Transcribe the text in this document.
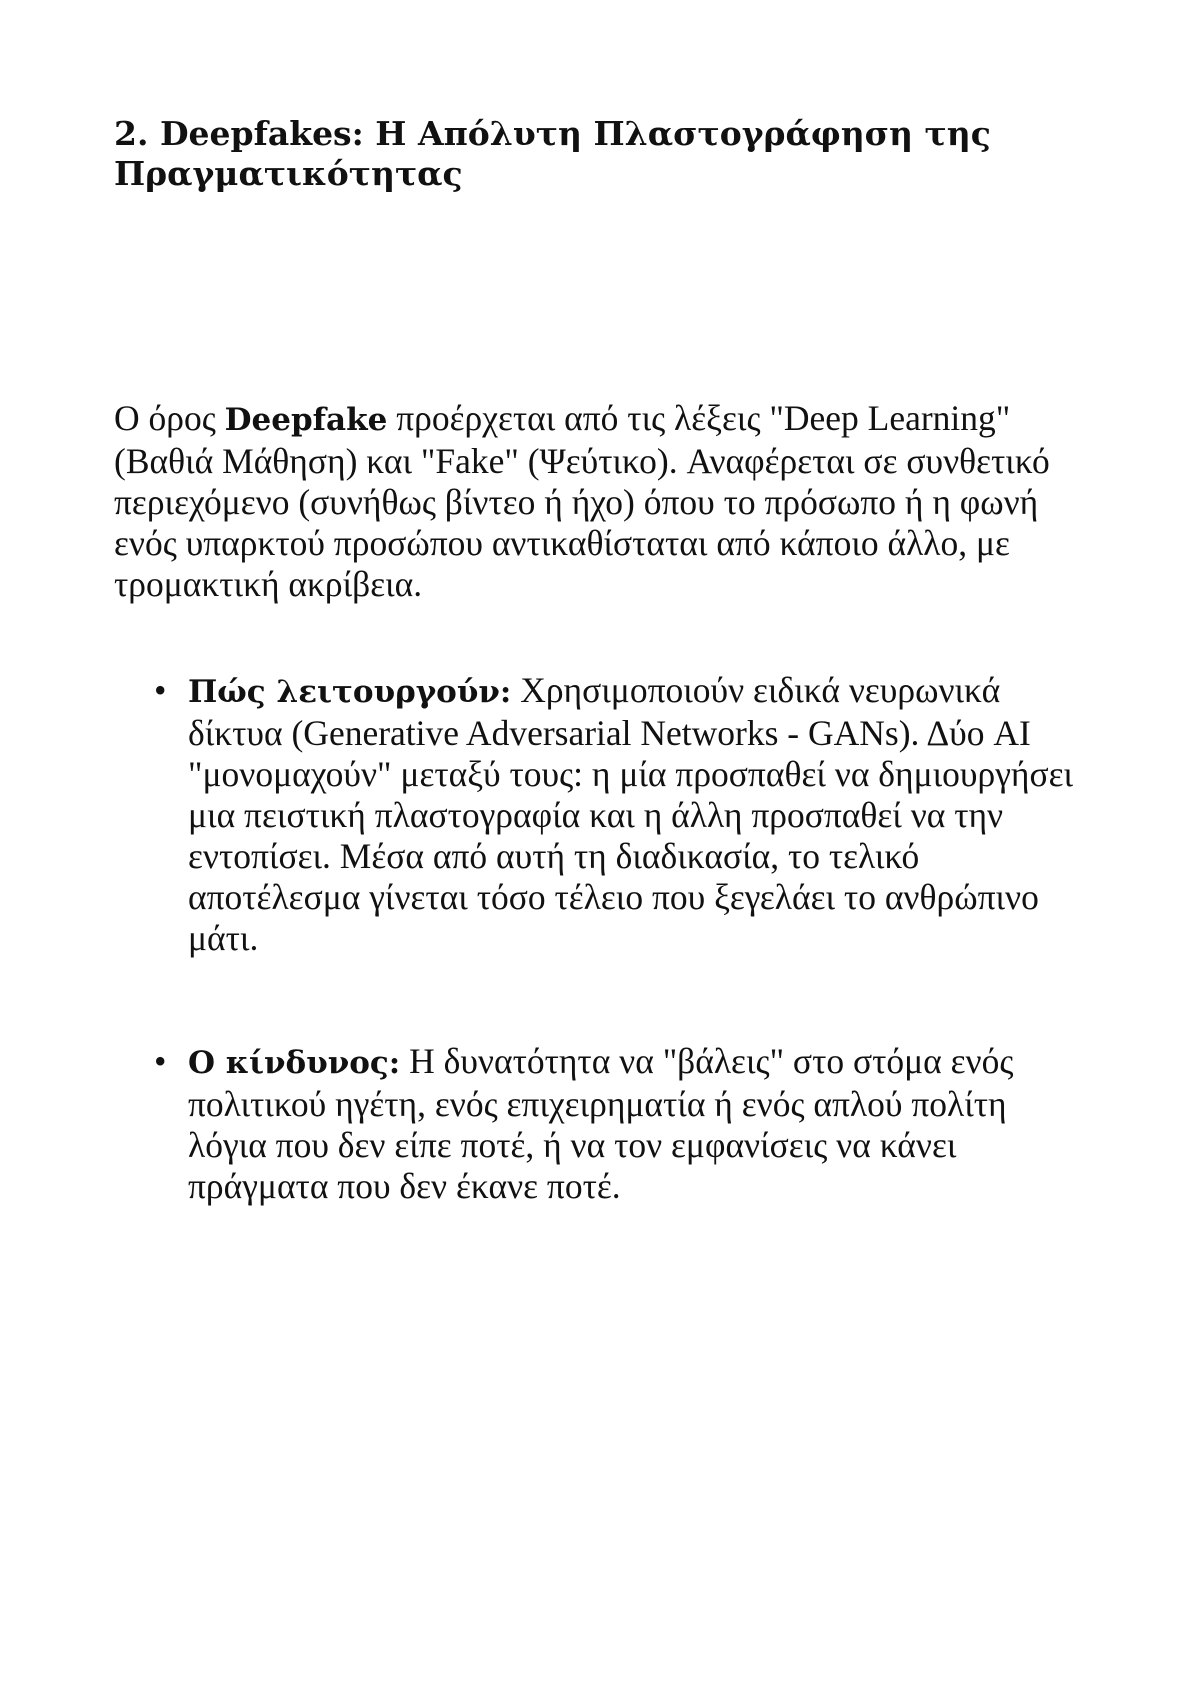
2. Deepfakes: Η Απόλυτη Πλαστογράφηση της Πραγματικότητας

Ο όρος Deepfake προέρχεται από τις λέξεις "Deep Learning" (Βαθιά Μάθηση) και "Fake" (Ψεύτικο). Αναφέρεται σε συνθετικό περιεχόμενο (συνήθως βίντεο ή ήχο) όπου το πρόσωπο ή η φωνή ενός υπαρκτού προσώπου αντικαθίσταται από κάποιο άλλο, με τρομακτική ακρίβεια.

• Πώς λειτουργούν: Χρησιμοποιούν ειδικά νευρωνικά δίκτυα (Generative Adversarial Networks - GANs). Δύο AI "μονομαχούν" μεταξύ τους: η μία προσπαθεί να δημιουργήσει μια πειστική πλαστογραφία και η άλλη προσπαθεί να την εντοπίσει. Μέσα από αυτή τη διαδικασία, το τελικό αποτέλεσμα γίνεται τόσο τέλειο που ξεγελάει το ανθρώπινο μάτι.
• Ο κίνδυνος: Η δυνατότητα να "βάλεις" στο στόμα ενός πολιτικού ηγέτη, ενός επιχειρηματία ή ενός απλού πολίτη λόγια που δεν είπε ποτέ, ή να τον εμφανίσεις να κάνει πράγματα που δεν έκανε ποτέ.
